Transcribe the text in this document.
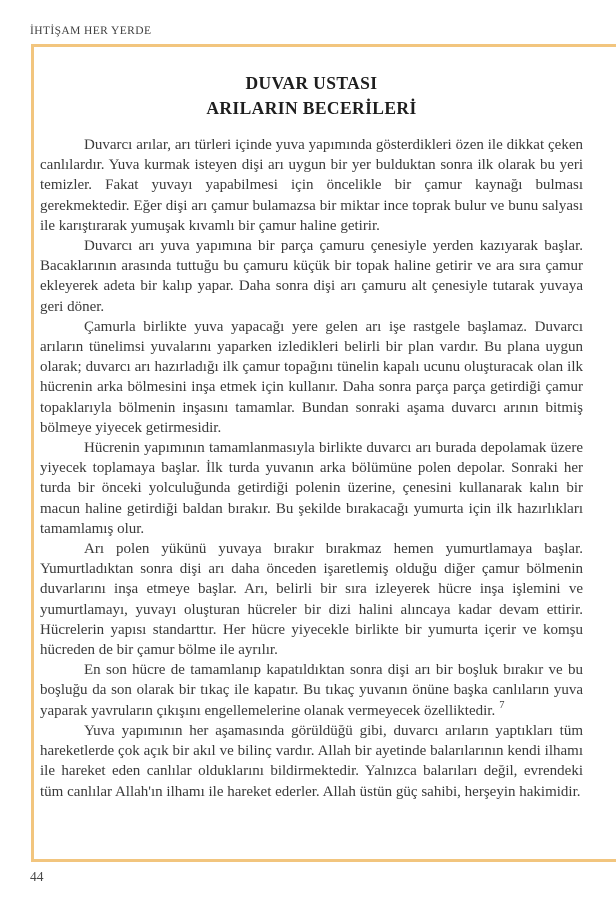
İHTİŞAM HER YERDE
DUVAR USTASI
ARILARIN BECERİLERİ

Duvarcı arılar, arı türleri içinde yuva yapımında gösterdikleri özen ile dikkat çeken canlılardır. Yuva kurmak isteyen dişi arı uygun bir yer bulduktan sonra ilk olarak bu yeri temizler. Fakat yuvayı yapabilmesi için öncelikle bir çamur kaynağı bulması gerekmektedir. Eğer dişi arı çamur bulamazsa bir miktar ince toprak bulur ve bunu salyası ile karıştırarak yumuşak kıvamlı bir çamur haline getirir.

Duvarcı arı yuva yapımına bir parça çamuru çenesiyle yerden kazıyarak başlar. Bacaklarının arasında tuttuğu bu çamuru küçük bir topak haline getirir ve ara sıra çamur ekleyerek adeta bir kalıp yapar. Daha sonra dişi arı çamuru alt çenesiyle tutarak yuvaya geri döner.

Çamurla birlikte yuva yapacağı yere gelen arı işe rastgele başlamaz. Duvarcı arıların tünelimsi yuvalarını yaparken izledikleri belirli bir plan vardır. Bu plana uygun olarak; duvarcı arı hazırladığı ilk çamur topağını tünelin kapalı ucunu oluşturacak olan ilk hücrenin arka bölmesini inşa etmek için kullanır. Daha sonra parça parça getirdiği çamur topaklarıyla bölmenin inşasını tamamlar. Bundan sonraki aşama duvarcı arının bitmiş bölmeye yiyecek getirmesidir.

Hücrenin yapımının tamamlanmasıyla birlikte duvarcı arı burada depolamak üzere yiyecek toplamaya başlar. İlk turda yuvanın arka bölümüne polen depolar. Sonraki her turda bir önceki yolculuğunda getirdiği polenin üzerine, çenesini kullanarak kalın bir macun haline getirdiği baldan bırakır. Bu şekilde bırakacağı yumurta için ilk hazırlıkları tamamlamış olur.

Arı polen yükünü yuvaya bırakır bırakmaz hemen yumurtlamaya başlar. Yumurtladıktan sonra dişi arı daha önceden işaretlemiş olduğu diğer çamur bölmenin duvarlarını inşa etmeye başlar. Arı, belirli bir sıra izleyerek hücre inşa işlemini ve yumurtlamayı, yuvayı oluşturan hücreler bir dizi halini alıncaya kadar devam ettirir. Hücrelerin yapısı standarttır. Her hücre yiyecekle birlikte bir yumurta içerir ve komşu hücreden de bir çamur bölme ile ayrılır.

En son hücre de tamamlanıp kapatıldıktan sonra dişi arı bir boşluk bırakır ve bu boşluğu da son olarak bir tıkaç ile kapatır. Bu tıkaç yuvanın önüne başka canlıların yuva yaparak yavruların çıkışını engellemelerine olanak vermeyecek özelliktedir. $^7$

Yuva yapımının her aşamasında görüldüğü gibi, duvarcı arıların yaptıkları tüm hareketlerde çok açık bir akıl ve bilinç vardır. Allah bir ayetinde balarılarının kendi ilhamı ile hareket eden canlılar olduklarını bildirmektedir. Yalnızca balarıları değil, evrendeki tüm canlılar Allah'ın ilhamı ile hareket ederler. Allah üstün güç sahibi, herşeyin hakimidir.

44
